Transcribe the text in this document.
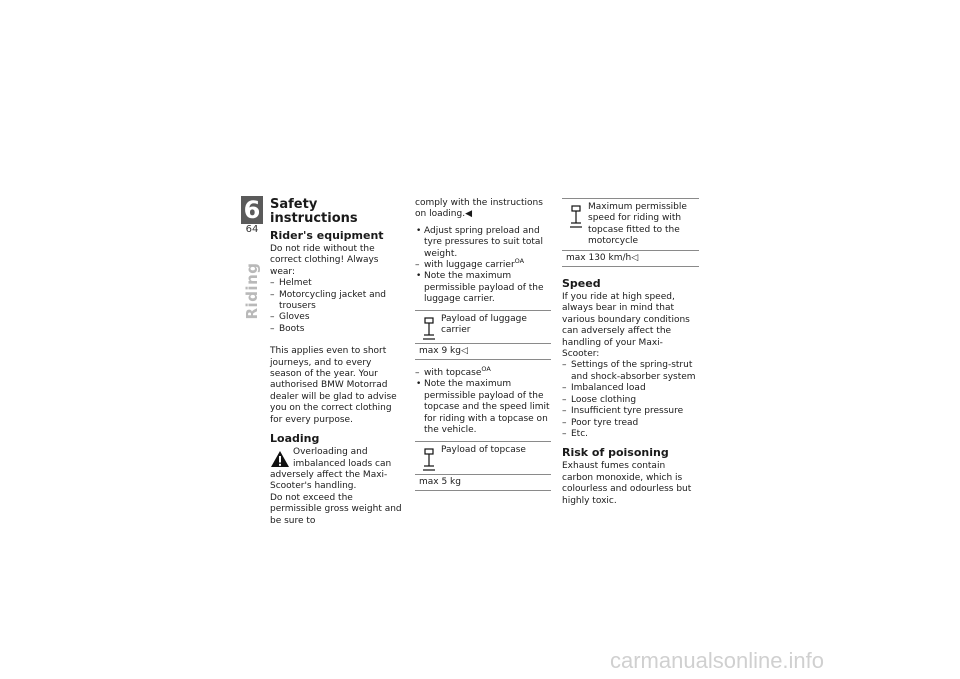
6
64
Riding
Safety instructions
Rider's equipment

Do not ride without the correct clothing! Always wear:

– Helmet
– Motorcycling jacket and trousers
– Gloves
– Boots

This applies even to short journeys, and to every season of the year. Your authorised BMW Motorrad dealer will be glad to advise you on the correct clothing for every purpose.

Loading
Overloading and imbalanced loads can adversely affect the Maxi-Scooter's handling.

Do not exceed the permissible gross weight and be sure to

comply with the instructions on loading.◀

• Adjust spring preload and tyre pressures to suit total weight.
– with luggage carrier$^{OA}$
• Note the maximum permissible payload of the luggage carrier.
Payload of luggage carrier
max 9 kg◁
– with topcase$^{OA}$
• Note the maximum permissible payload of the topcase and the speed limit for riding with a topcase on the vehicle.
Payload of topcase
max 5 kg
Maximum permissible speed for riding with topcase fitted to the motorcycle
max 130 km/h◁
Speed

If you ride at high speed, always bear in mind that various boundary conditions can adversely affect the handling of your Maxi-Scooter:

– Settings of the spring-strut and shock-absorber system
– Imbalanced load
– Loose clothing
– Insufficient tyre pressure
– Poor tyre tread
– Etc.
Risk of poisoning

Exhaust fumes contain carbon monoxide, which is colourless and odourless but highly toxic.

carmanualsonline.info
